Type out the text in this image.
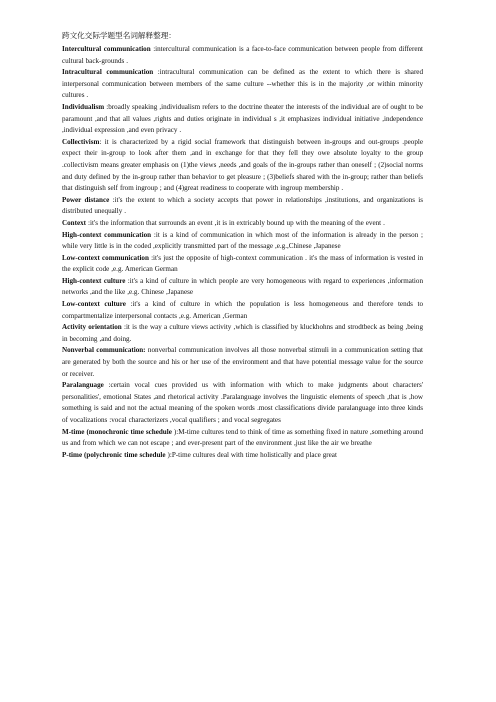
跨文化交际学题型名词解释整理：

Intercultural communication :intercultural communication is a face-to-face communication between people from different cultural back-grounds .

Intracultural communication :intracultural communication can be defined as the extent to which there is shared interpersonal communication between members of the same culture --whether this is in the majority ,or within minority cultures .

Individualism :broadly speaking ,individualism refers to the doctrine theater the interests of the individual are of ought to be paramount ,and that all values ,rights and duties originate in individual s ,it emphasizes individual initiative ,independence ,individual expression ,and even privacy .

Collectivism: it is characterized by a rigid social framework that distinguish between in-groups and out-groups .people expect their in-group to look after them ,and in exchange for that they fell they owe absolute loyalty to the group .collectivism means greater emphasis on (1)the views ,needs ,and goals of the in-groups rather than oneself ; (2)social norms and duty defined by the in-group rather than behavior to get pleasure ; (3)beliefs shared with the in-group; rather than beliefs that distinguish self from ingroup ; and (4)great readiness to cooperate with ingroup membership .

Power distance :it's the extent to which a society accepts that power in relationships ,institutions, and organizations is distributed unequally .

Context :it's the information that surrounds an event ,it is in extricably bound up with the meaning of the event .

High-context communication :it is a kind of communication in which most of the information is already in the person ; while very little is in the coded ,explicitly transmitted part of the message ,e.g.,Chinese ,Japanese

Low-context communication :it's just the opposite of high-context communication . it's the mass of information is vested in the explicit code ,e.g. American German

High-context culture :it's a kind of culture in which people are very homogeneous with regard to experiences ,information networks ,and the like ,e.g. Chinese ,Japanese

Low-context culture :it's a kind of culture in which the population is less homogeneous and therefore tends to compartmentalize interpersonal contacts ,e.g. American ,German

Activity orientation :it is the way a culture views activity ,which is classified by kluckhohns and strodtbeck as being ,being in becoming ,and doing.

Nonverbal communication: nonverbal communication involves all those nonverbal stimuli in a communication setting that are generated by both the source and his or her use of the environment and that have potential message value for the source or receiver.

Paralanguage :certain vocal cues provided us with information with which to make judgments about characters' personalities', emotional States ,and rhetorical activity .Paralanguage involves the linguistic elements of speech ,that is ,how something is said and not the actual meaning of the spoken words .most classifications divide paralanguage into three kinds of vocalizations :vocal characterizers ,vocal qualifiers ; and vocal segregates

M-time (monochronic time schedule ):M-time cultures tend to think of time as something fixed in nature ,something around us and from which we can not escape ; and ever-present part of the environment ,just like the air we breathe

P-time (polychronic time schedule ):P-time cultures deal with time holistically and place great
